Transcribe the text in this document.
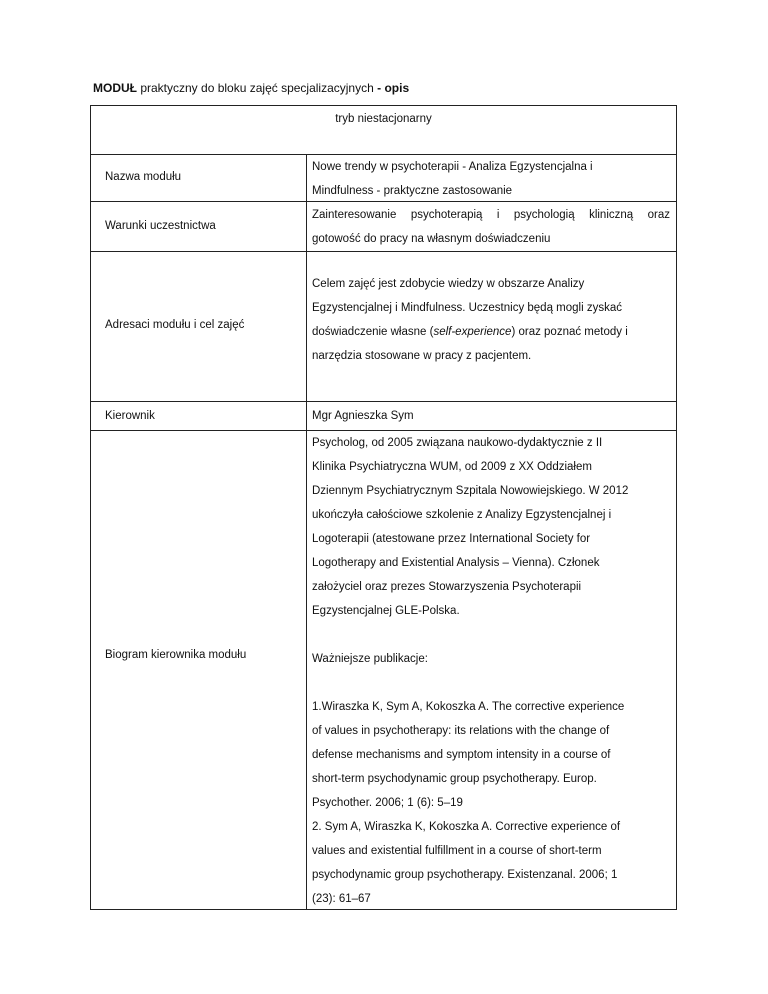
MODUŁ praktyczny do bloku zajęć specjalizacyjnych - opis
tryb niestacjonarny
Nazwa modułu

Nowe trendy w psychoterapii - Analiza Egzystencjalna i

Mindfulness - praktyczne zastosowanie

Warunki uczestnictwa

Zainteresowanie psychoterapią i psychologią kliniczną oraz

gotowość do pracy na własnym doświadczeniu

Adresaci modułu i cel zajęć

Celem zajęć jest zdobycie wiedzy w obszarze Analizy

Egzystencjalnej i Mindfulness. Uczestnicy będą mogli zyskać

doświadczenie własne (self-experience) oraz poznać metody i

narzędzia stosowane w pracy z pacjentem.

Kierownik	Mgr Agnieszka Sym

Biogram kierownika modułu

Psycholog, od 2005 związana naukowo-dydaktycznie z II

Klinika Psychiatryczna WUM, od 2009 z XX Oddziałem

Dziennym Psychiatrycznym Szpitala Nowowiejskiego. W 2012

ukończyła całościowe szkolenie z Analizy Egzystencjalnej i

Logoterapii (atestowane przez International Society for

Logotherapy and Existential Analysis – Vienna). Członek

założyciel oraz prezes Stowarzyszenia Psychoterapii

Egzystencjalnej GLE-Polska.

Ważniejsze publikacje:

1.Wiraszka K, Sym A, Kokoszka A. The corrective experience

of values in psychotherapy: its relations with the change of

defense mechanisms and symptom intensity in a course of

short-term psychodynamic group psychotherapy. Europ.

Psychother. 2006; 1 (6): 5–19

2. Sym A, Wiraszka K, Kokoszka A. Corrective experience of

values and existential fulfillment in a course of short-term

psychodynamic group psychotherapy. Existenzanal. 2006; 1

(23): 61–67
